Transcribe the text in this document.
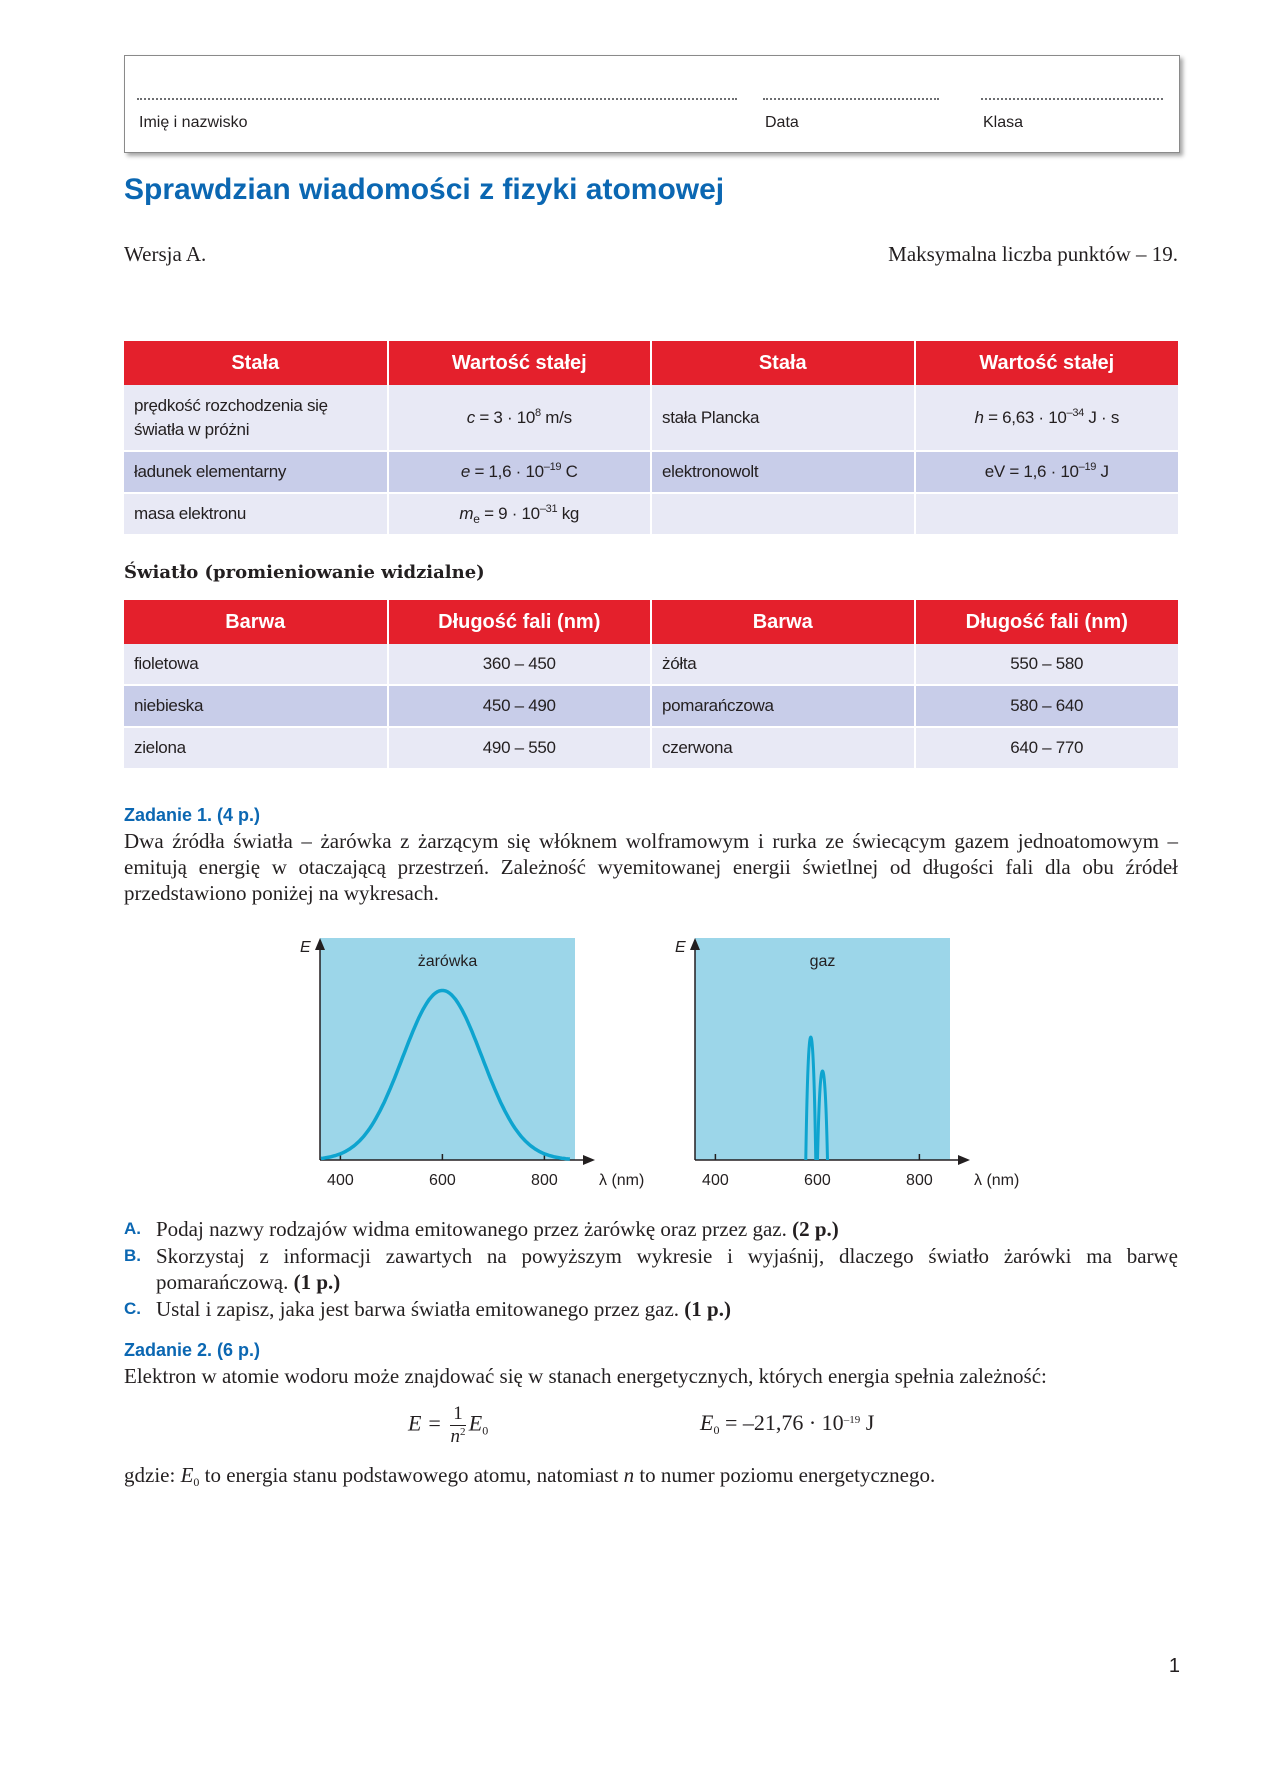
Imię i nazwisko	Data	Klasa
Sprawdzian wiadomości z fizyki atomowej
Wersja A.	Maksymalna liczba punktów – 19.
Stała	Wartość stałej	Stała	Wartość stałej
prędkość rozchodzenia się
światła w próżni	$c = 3 \cdot 10^8$ m/s	stała Plancka	$h = 6,63 \cdot 10^{-34}$ J · s
ładunek elementarny	$e = 1,6 \cdot 10^{-19}$ C	elektronowolt	eV = $1,6 \cdot 10^{-19}$ J
masa elektronu	$m_e = 9 \cdot 10^{-31}$ kg		
Światło (promieniowanie widzialne)
Barwa	Długość fali (nm)	Barwa	Długość fali (nm)
fioletowa	360 – 450	żółta	550 – 580
niebieska	450 – 490	pomarańczowa	580 – 640
zielona	490 – 550	czerwona	640 – 770
Zadanie 1. (4 p.)
Dwa źródła światła – żarówka z żarzącym się włóknem wolframowym i rurka ze świecącym gazem jednoatomowym – emitują energię w otaczającą przestrzeń. Zależność wyemitowanej energii świetlnej od długości fali dla obu źródeł przedstawiono poniżej na wykresach.
E
λ (nm)
żarówka
400	600	800
E
λ (nm)
gaz
400	600	800
A. Podaj nazwy rodzajów widma emitowanego przez żarówkę oraz przez gaz. (2 p.)
B. Skorzystaj z informacji zawartych na powyższym wykresie i wyjaśnij, dlaczego światło żarówki ma barwę pomarańczową. (1 p.)
C. Ustal i zapisz, jaka jest barwa światła emitowanego przez gaz. (1 p.)
Zadanie 2. (6 p.)
Elektron w atomie wodoru może znajdować się w stanach energetycznych, których energia spełnia zależność:
$E = \frac{1}{n^2} E_0$	$E_0 = -21,76 \cdot 10^{-19}$ J
gdzie: $E_0$ to energia stanu podstawowego atomu, natomiast n to numer poziomu energetycznego.
1
